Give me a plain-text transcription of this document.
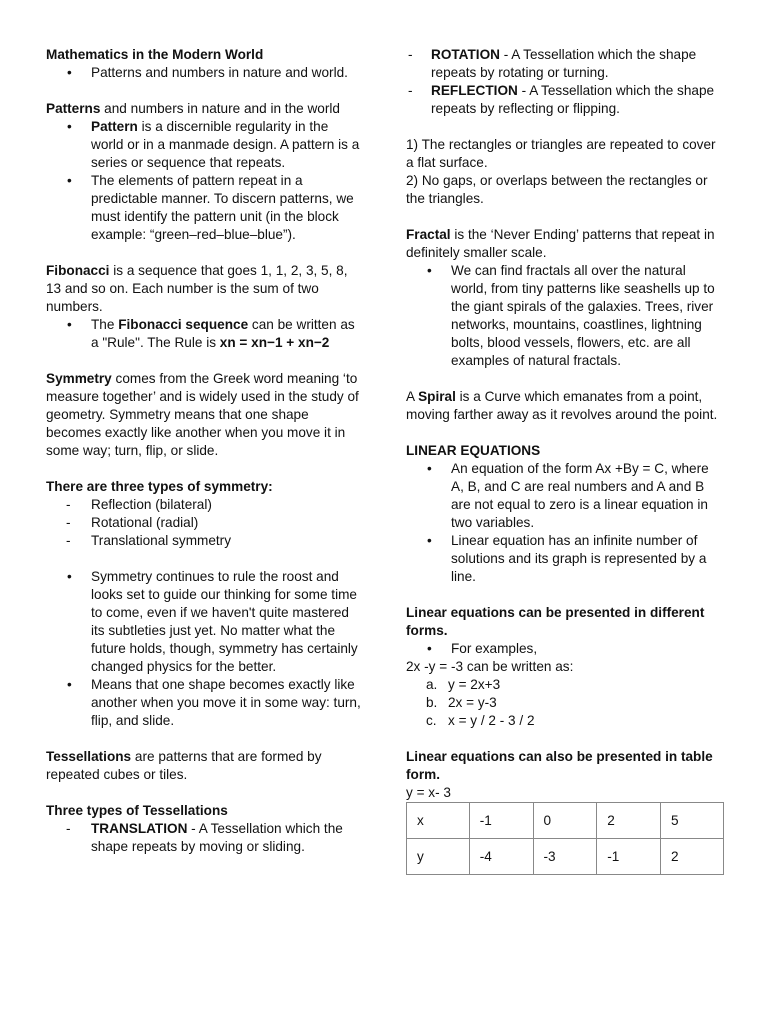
Mathematics in the Modern World

• Patterns and numbers in nature and world.

Patterns and numbers in nature and in the world

• Pattern is a discernible regularity in the world or in a manmade design. A pattern is a series or sequence that repeats.
• The elements of pattern repeat in a predictable manner. To discern patterns, we must identify the pattern unit (in the block example: “green–red–blue–blue”).

Fibonacci is a sequence that goes 1, 1, 2, 3, 5, 8, 13 and so on. Each number is the sum of two numbers.

• The Fibonacci sequence can be written as a "Rule". The Rule is xn = xn−1 + xn−2

Symmetry comes from the Greek word meaning ‘to measure together’ and is widely used in the study of geometry. Symmetry means that one shape becomes exactly like another when you move it in some way; turn, flip, or slide.

There are three types of symmetry:

- Reflection (bilateral)
- Rotational (radial)
- Translational symmetry
• Symmetry continues to rule the roost and looks set to guide our thinking for some time to come, even if we haven't quite mastered its subtleties just yet. No matter what the future holds, though, symmetry has certainly changed physics for the better.
• Means that one shape becomes exactly like another when you move it in some way: turn, flip, and slide.

Tessellations are patterns that are formed by repeated cubes or tiles.

Three types of Tessellations

- TRANSLATION - A Tessellation which the shape repeats by moving or sliding.
- ROTATION - A Tessellation which the shape repeats by rotating or turning.
- REFLECTION - A Tessellation which the shape repeats by reflecting or flipping.

1) The rectangles or triangles are repeated to cover a flat surface.

2) No gaps, or overlaps between the rectangles or the triangles.

Fractal is the ‘Never Ending’ patterns that repeat in definitely smaller scale.

• We can find fractals all over the natural world, from tiny patterns like seashells up to the giant spirals of the galaxies. Trees, river networks, mountains, coastlines, lightning bolts, blood vessels, flowers, etc. are all examples of natural fractals.

A Spiral is a Curve which emanates from a point, moving farther away as it revolves around the point.

LINEAR EQUATIONS

• An equation of the form Ax +By = C, where A, B, and C are real numbers and A and B are not equal to zero is a linear equation in two variables.
• Linear equation has an infinite number of solutions and its graph is represented by a line.

Linear equations can be presented in different forms.

• For examples,

2x -y = -3 can be written as:

a. y = 2x+3
b. 2x = y-3
c. x = y / 2 - 3 / 2

Linear equations can also be presented in table form.

y = x- 3

x	-1	0	2	5
y	-4	-3	-1	2
